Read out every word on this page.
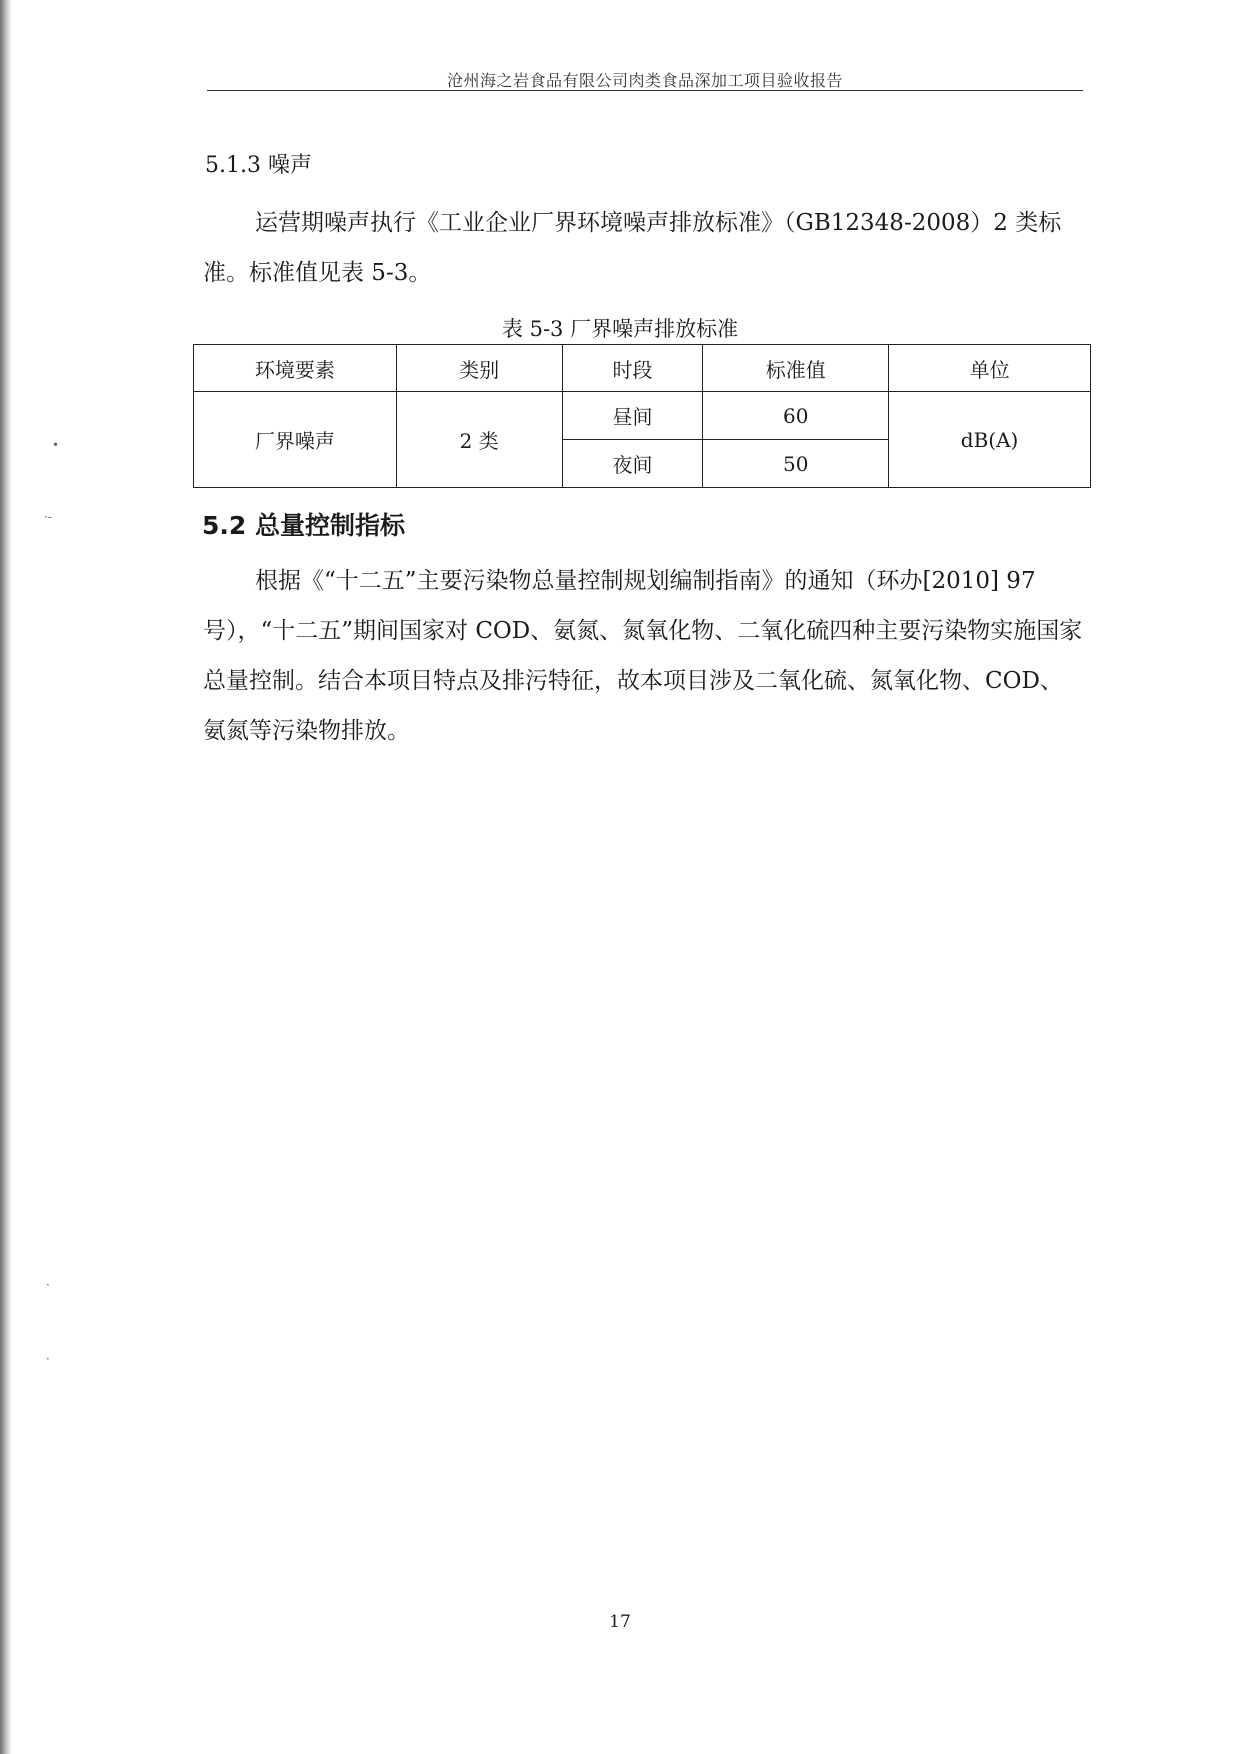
•
·-
·
·
沧州海之岩食品有限公司肉类食品深加工项目验收报告
5.1.3 噪声

运营期噪声执行《工业企业厂界环境噪声排放标准》（GB12348-2008）2 类标准。标准值见表 5-3。

表 5-3 厂界噪声排放标准
环境要素	类别	时段	标准值	单位
厂界噪声	2 类	昼间	60	dB(A)
		夜间	50	
5.2 总量控制指标

根据《“十二五”主要污染物总量控制规划编制指南》的通知（环办[2010] 97 号），“十二五”期间国家对 COD、氨氮、氮氧化物、二氧化硫四种主要污染物实施国家总量控制。结合本项目特点及排污特征，故本项目涉及二氧化硫、氮氧化物、COD、氨氮等污染物排放。

17
